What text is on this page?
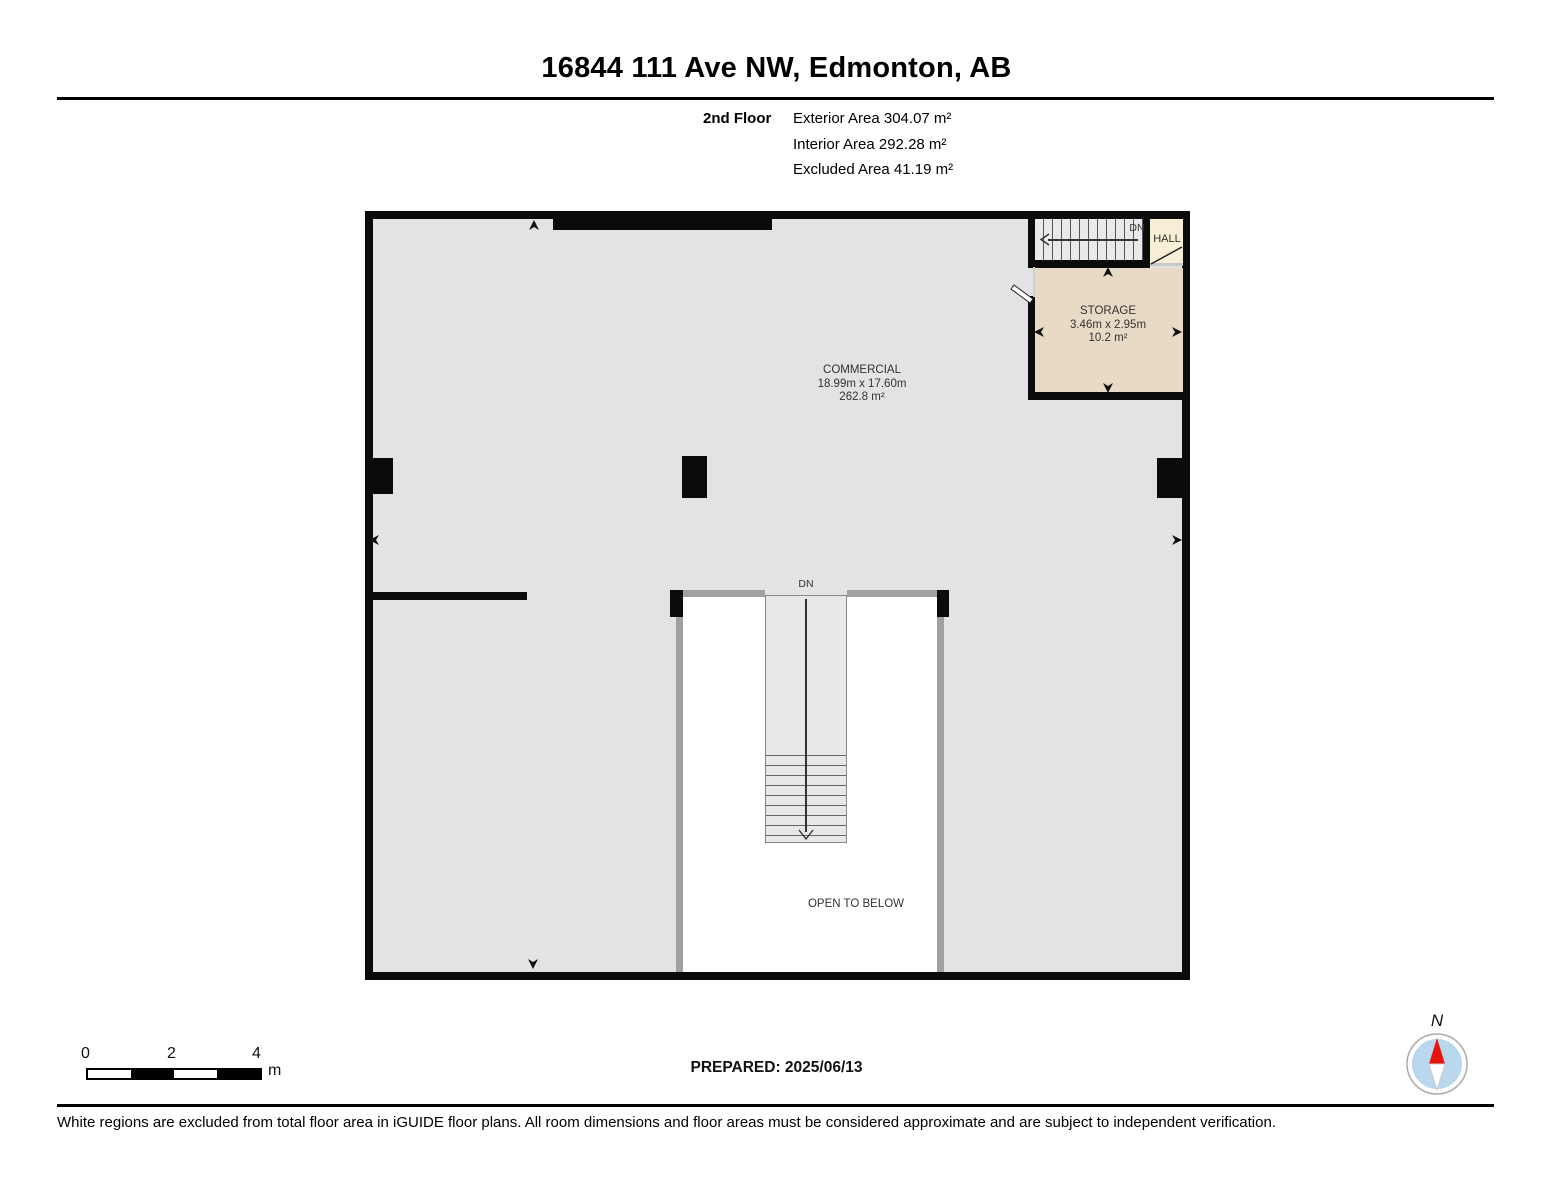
16844 111 Ave NW, Edmonton, AB
2nd Floor Exterior Area 304.07 m²
Interior Area 292.28 m²
Excluded Area 41.19 m²
HALL
DN
STORAGE
3.46m x 2.95m
10.2 m²
COMMERCIAL
18.99m x 17.60m
262.8 m²
DN
OPEN TO BELOW
0	2	4
m	PREPARED: 2025/06/13
N
White regions are excluded from total floor area in iGUIDE floor plans. All room dimensions and floor areas must be considered approximate and are subject to independent verification.
